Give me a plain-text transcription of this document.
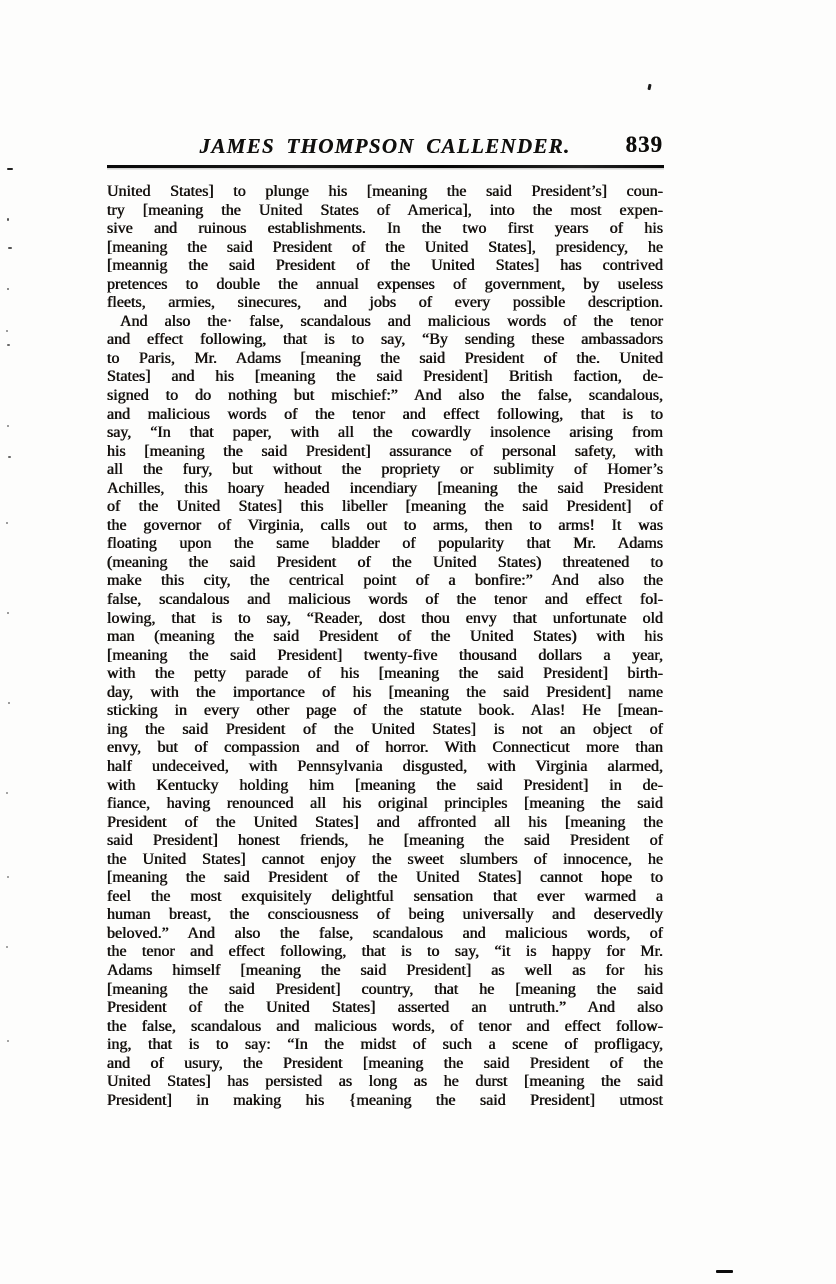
JAMES THOMPSON CALLENDER.	839
United States] to plunge his [meaning the said President’s] coun-
try [meaning the United States of America], into the most expen-
sive and ruinous establishments. In the two first years of his
[meaning the said President of the United States], presidency, he
[meannig the said President of the United States] has contrived
pretences to double the annual expenses of government, by useless
fleets, armies, sinecures, and jobs of every possible description.
And also the· false, scandalous and malicious words of the tenor
and effect following, that is to say, “By sending these ambassadors
to Paris, Mr. Adams [meaning the said President of the. United
States] and his [meaning the said President] British faction, de-
signed to do nothing but mischief:” And also the false, scandalous,
and malicious words of the tenor and effect following, that is to
say, “In that paper, with all the cowardly insolence arising from
his [meaning the said President] assurance of personal safety, with
all the fury, but without the propriety or sublimity of Homer’s
Achilles, this hoary headed incendiary [meaning the said President
of the United States] this libeller [meaning the said President] of
the governor of Virginia, calls out to arms, then to arms! It was
floating upon the same bladder of popularity that Mr. Adams
(meaning the said President of the United States) threatened to
make this city, the centrical point of a bonfire:” And also the
false, scandalous and malicious words of the tenor and effect fol-
lowing, that is to say, “Reader, dost thou envy that unfortunate old
man (meaning the said President of the United States) with his
[meaning the said President] twenty-five thousand dollars a year,
with the petty parade of his [meaning the said President] birth-
day, with the importance of his [meaning the said President] name
sticking in every other page of the statute book. Alas! He [mean-
ing the said President of the United States] is not an object of
envy, but of compassion and of horror. With Connecticut more than
half undeceived, with Pennsylvania disgusted, with Virginia alarmed,
with Kentucky holding him [meaning the said President] in de-
fiance, having renounced all his original principles [meaning the said
President of the United States] and affronted all his [meaning the
said President] honest friends, he [meaning the said President of
the United States] cannot enjoy the sweet slumbers of innocence, he
[meaning the said President of the United States] cannot hope to
feel the most exquisitely delightful sensation that ever warmed a
human breast, the consciousness of being universally and deservedly
beloved.” And also the false, scandalous and malicious words, of
the tenor and effect following, that is to say, “it is happy for Mr.
Adams himself [meaning the said President] as well as for his
[meaning the said President] country, that he [meaning the said
President of the United States] asserted an untruth.” And also
the false, scandalous and malicious words, of tenor and effect follow-
ing, that is to say: “In the midst of such a scene of profligacy,
and of usury, the President [meaning the said President of the
United States] has persisted as long as he durst [meaning the said
President] in making his {meaning the said President] utmost
